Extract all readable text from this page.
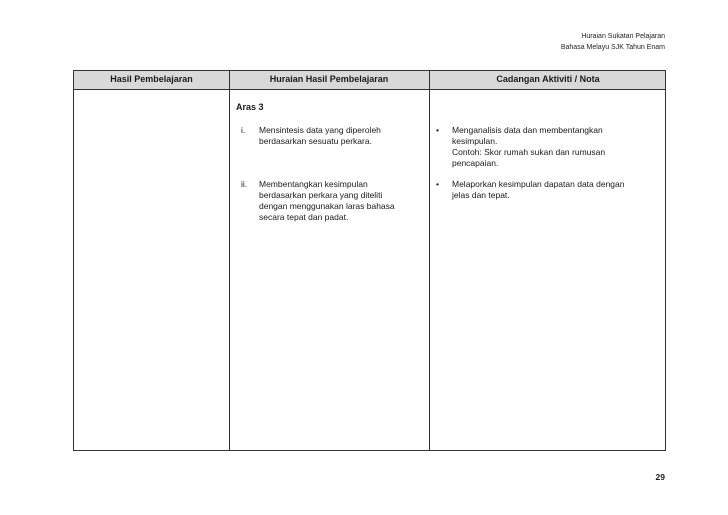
Huraian Sukatan Pelajaran
Bahasa Melayu SJK Tahun Enam
Hasil Pembelajaran	Huraian Hasil Pembelajaran	Cadangan Aktiviti / Nota
Aras 3
i. Mensintesis data yang diperoleh
berdasarkan sesuatu perkara.
• Menganalisis data dan membentangkan
kesimpulan.
Contoh: Skor rumah sukan dan rumusan
pencapaian.
ii. Membentangkan kesimpulan
berdasarkan perkara yang diteliti
dengan menggunakan laras bahasa
secara tepat dan padat.
• Melaporkan kesimpulan dapatan data dengan
jelas dan tepat.
29
